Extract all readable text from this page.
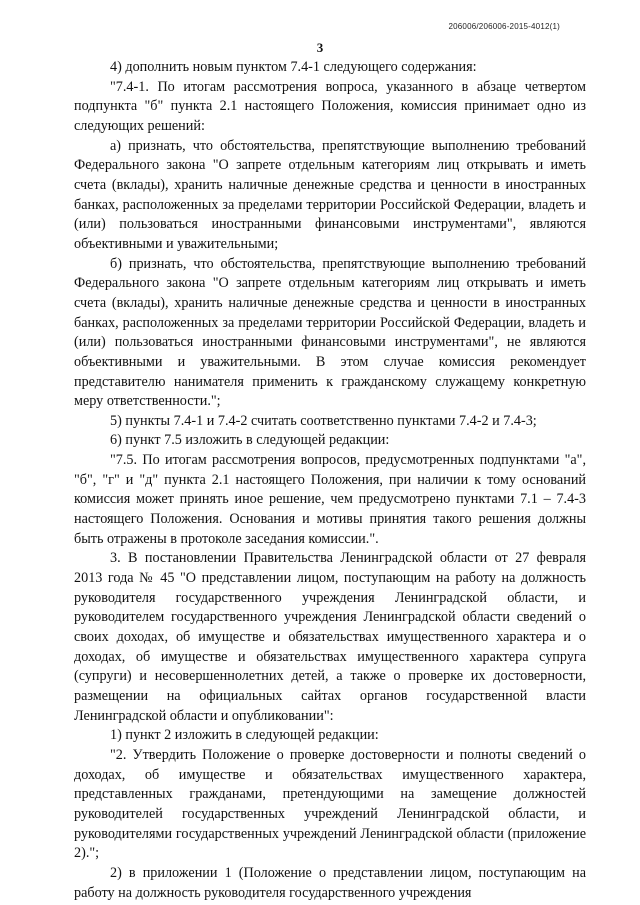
206006/206006-2015-4012(1)
3

4) дополнить новым пунктом 7.4-1 следующего содержания:

"7.4-1. По итогам рассмотрения вопроса, указанного в абзаце четвертом подпункта "б" пункта 2.1 настоящего Положения, комиссия принимает одно из следующих решений:

а) признать, что обстоятельства, препятствующие выполнению требований Федерального закона "О запрете отдельным категориям лиц открывать и иметь счета (вклады), хранить наличные денежные средства и ценности в иностранных банках, расположенных за пределами территории Российской Федерации, владеть и (или) пользоваться иностранными финансовыми инструментами", являются объективными и уважительными;

б) признать, что обстоятельства, препятствующие выполнению требований Федерального закона "О запрете отдельным категориям лиц открывать и иметь счета (вклады), хранить наличные денежные средства и ценности в иностранных банках, расположенных за пределами территории Российской Федерации, владеть и (или) пользоваться иностранными финансовыми инструментами", не являются объективными и уважительными. В этом случае комиссия рекомендует представителю нанимателя применить к гражданскому служащему конкретную меру ответственности.";

5) пункты 7.4-1 и 7.4-2 считать соответственно пунктами 7.4-2 и 7.4-3;

6) пункт 7.5 изложить в следующей редакции:

"7.5. По итогам рассмотрения вопросов, предусмотренных подпунктами "а", "б", "г" и "д" пункта 2.1 настоящего Положения, при наличии к тому оснований комиссия может принять иное решение, чем предусмотрено пунктами 7.1 – 7.4-3 настоящего Положения. Основания и мотивы принятия такого решения должны быть отражены в протоколе заседания комиссии.".

3. В постановлении Правительства Ленинградской области от 27 февраля 2013 года № 45 "О представлении лицом, поступающим на работу на должность руководителя государственного учреждения Ленинградской области, и руководителем государственного учреждения Ленинградской области сведений о своих доходах, об имуществе и обязательствах имущественного характера и о доходах, об имуществе и обязательствах имущественного характера супруга (супруги) и несовершеннолетних детей, а также о проверке их достоверности, размещении на официальных сайтах органов государственной власти Ленинградской области и опубликовании":

1) пункт 2 изложить в следующей редакции:

"2. Утвердить Положение о проверке достоверности и полноты сведений о доходах, об имуществе и обязательствах имущественного характера, представленных гражданами, претендующими на замещение должностей руководителей государственных учреждений Ленинградской области, и руководителями государственных учреждений Ленинградской области (приложение 2).";

2) в приложении 1 (Положение о представлении лицом, поступающим на работу на должность руководителя государственного учреждения
